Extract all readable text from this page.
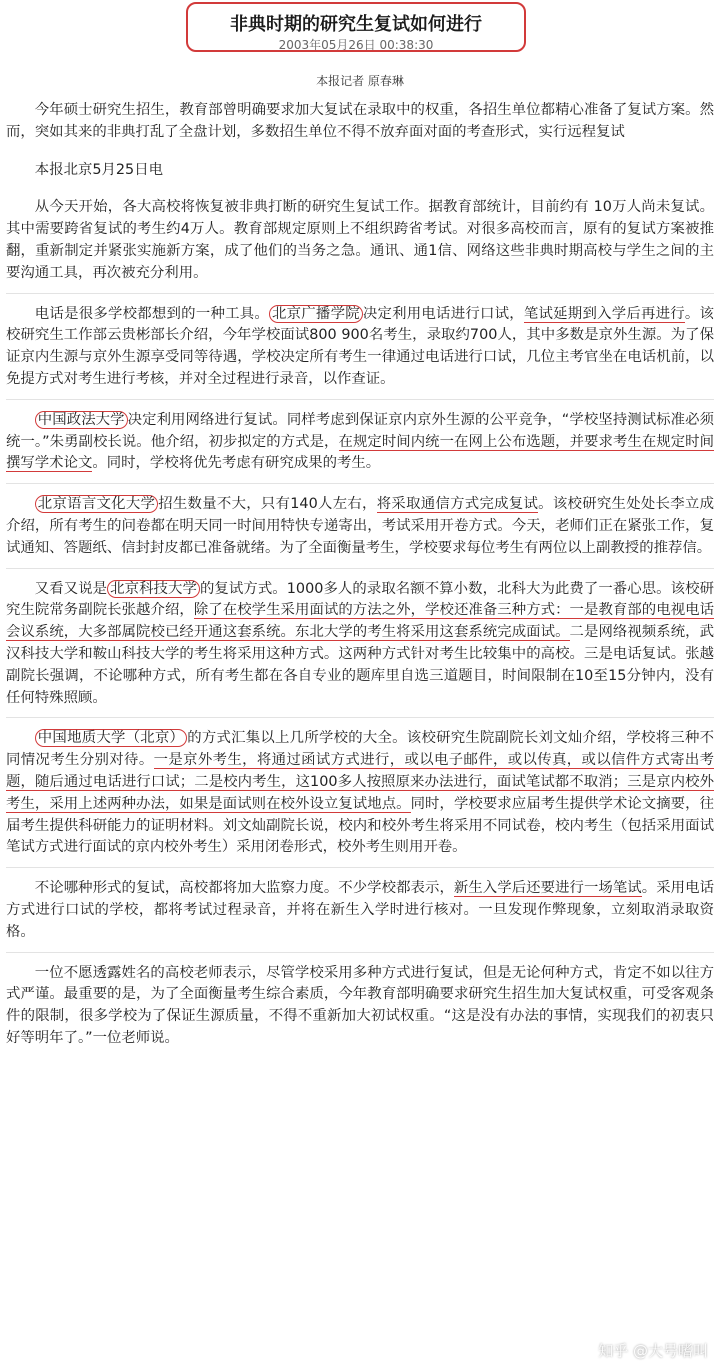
非典时期的研究生复试如何进行
2003年05月26日 00:38:30
本报记者 原春琳

今年硕士研究生招生，教育部曾明确要求加大复试在录取中的权重，各招生单位都精心准备了复试方案。然而，突如其来的非典打乱了全盘计划，多数招生单位不得不放弃面对面的考查形式，实行远程复试

本报北京5月25日电

从今天开始，各大高校将恢复被非典打断的研究生复试工作。据教育部统计，目前约有 10万人尚未复试。其中需要跨省复试的考生约4万人。教育部规定原则上不组织跨省考试。对很多高校而言，原有的复试方案被推翻，重新制定并紧张实施新方案，成了他们的当务之急。通讯、通1信、网络这些非典时期高校与学生之间的主要沟通工具，再次被充分利用。

电话是很多学校都想到的一种工具。 北京广播学院 决定利用电话进行口试，笔试延期到入学后再进行。该校研究生工作部云贵彬部长介绍，今年学校面试800 900名考生，录取约700人，其中多数是京外生源。为了保证京内生源与京外生源享受同等待遇，学校决定所有考生一律通过电话进行口试，几位主考官坐在电话机前，以免提方式对考生进行考核，并对全过程进行录音，以作查证。

中国政法大学 决定利用网络进行复试。同样考虑到保证京内京外生源的公平竞争，“学校坚持测试标准必须统一。”朱勇副校长说。他介绍，初步拟定的方式是，在规定时间内统一在网上公布选题，并要求考生在规定时间撰写学术论文。同时，学校将优先考虑有研究成果的考生。

北京语言文化大学 招生数量不大，只有140人左右，将采取通信方式完成复试。该校研究生处处长李立成介绍，所有考生的问卷都在明天同一时间用特快专递寄出，考试采用开卷方式。今天，老师们正在紧张工作，复试通知、答题纸、信封封皮都已准备就绪。为了全面衡量考生，学校要求每位考生有两位以上副教授的推荐信。

又看又说是 北京科技大学 的复试方式。1000多人的录取名额不算小数，北科大为此费了一番心思。该校研究生院常务副院长张越介绍，除了在校学生采用面试的方法之外，学校还准备三种方式：一是教育部的电视电话会议系统，大多部属院校已经开通这套系统。东北大学的考生将采用这套系统完成面试。二是网络视频系统，武汉科技大学和鞍山科技大学的考生将采用这种方式。这两种方式针对考生比较集中的高校。三是电话复试。张越副院长强调，不论哪种方式，所有考生都在各自专业的题库里自选三道题目，时间限制在10至15分钟内，没有任何特殊照顾。

中国地质大学（北京） 的方式汇集以上几所学校的大全。该校研究生院副院长刘文灿介绍，学校将三种不同情况考生分别对待。一是京外考生，将通过函试方式进行，或以电子邮件，或以传真，或以信件方式寄出考题，随后通过电话进行口试；二是校内考生，这100多人按照原来办法进行，面试笔试都不取消；三是京内校外考生，采用上述两种办法，如果是面试则在校外设立复试地点。同时，学校要求应届考生提供学术论文摘要，往届考生提供科研能力的证明材料。刘文灿副院长说，校内和校外考生将采用不同试卷，校内考生（包括采用面试笔试方式进行面试的京内校外考生）采用闭卷形式，校外考生则用开卷。

不论哪种形式的复试，高校都将加大监察力度。不少学校都表示，新生入学后还要进行一场笔试。采用电话方式进行口试的学校，都将考试过程录音，并将在新生入学时进行核对。一旦发现作弊现象，立刻取消录取资格。

一位不愿透露姓名的高校老师表示，尽管学校采用多种方式进行复试，但是无论何种方式，肯定不如以往方式严谨。最重要的是，为了全面衡量考生综合素质，今年教育部明确要求研究生招生加大复试权重，可受客观条件的限制，很多学校为了保证生源质量，不得不重新加大初试权重。“这是没有办法的事情，实现我们的初衷只好等明年了。”一位老师说。

知乎 @大号嗜叫
